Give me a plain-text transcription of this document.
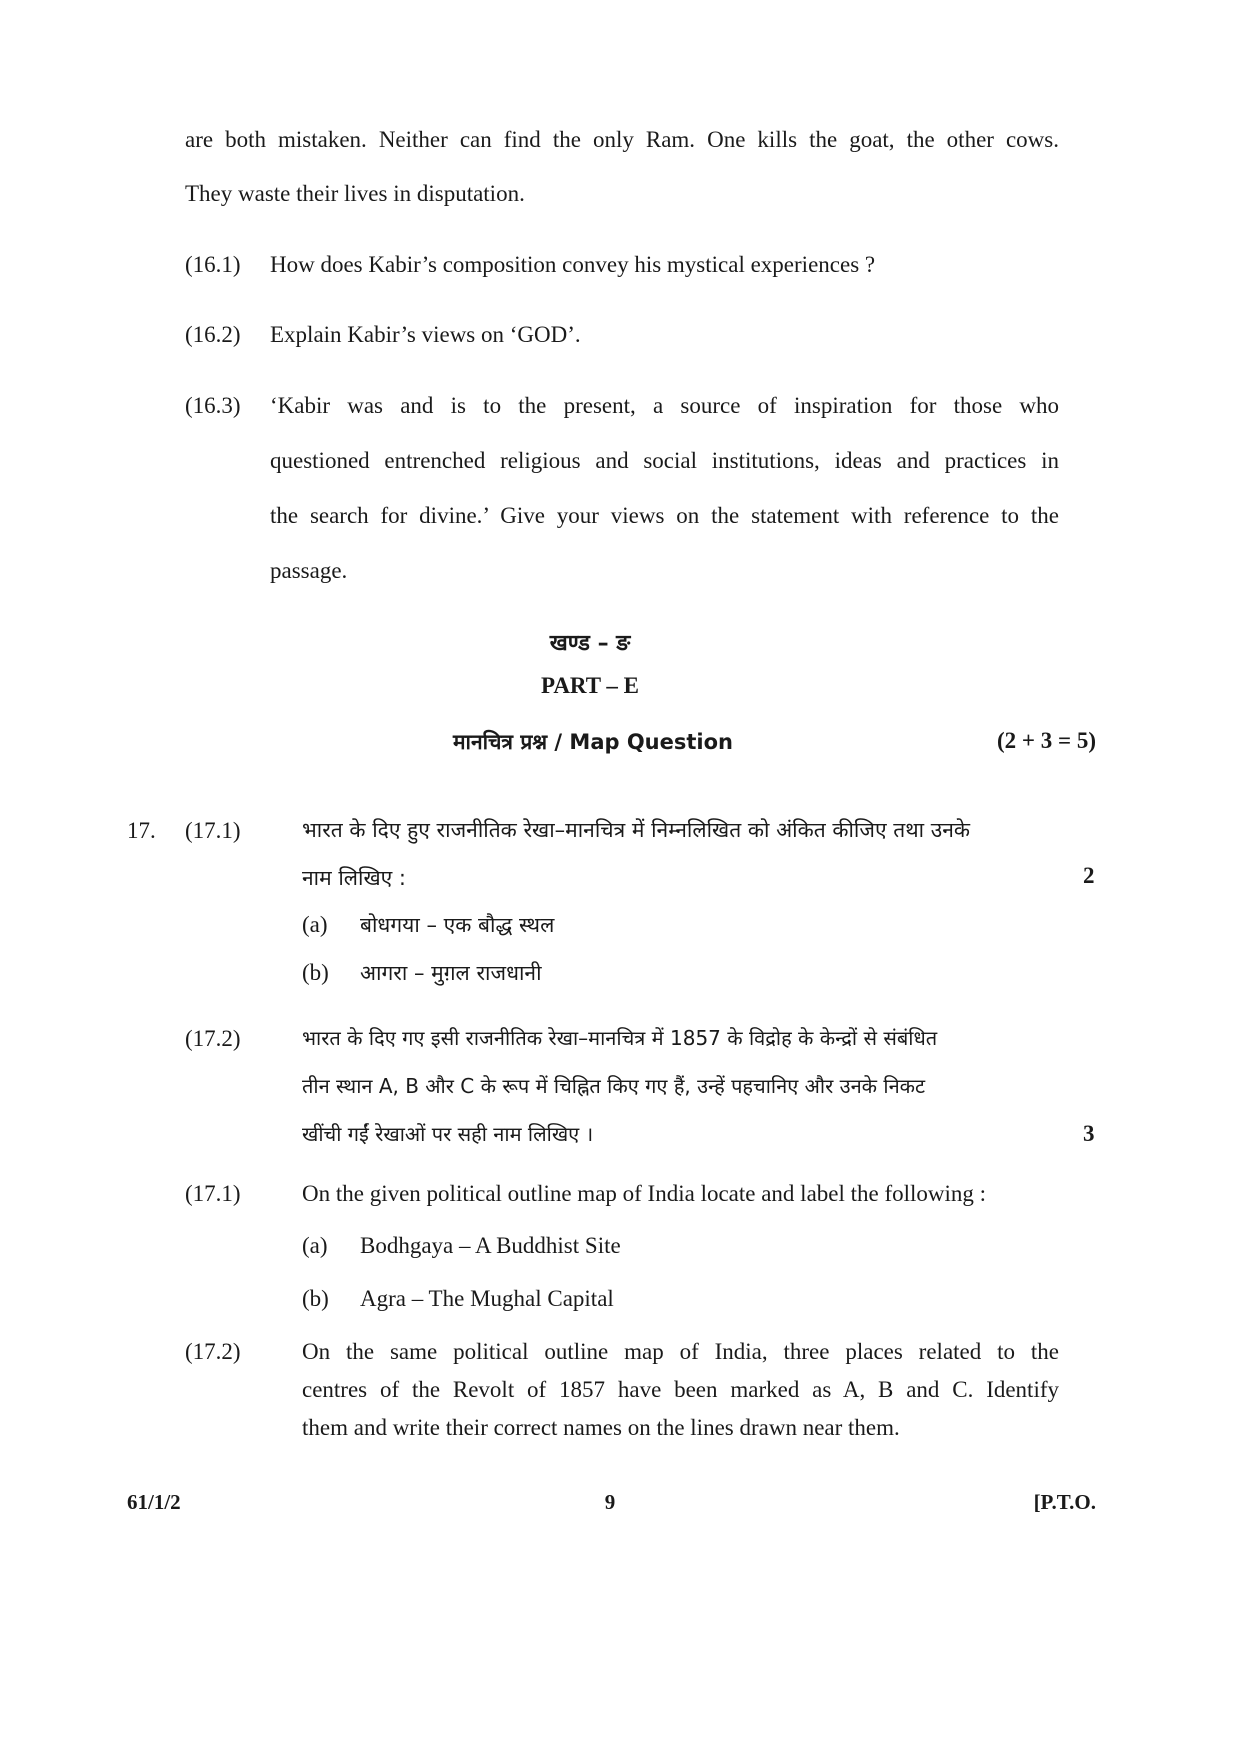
are both mistaken. Neither can find the only Ram. One kills the goat, the other cows.
They waste their lives in disputation.
(16.1) How does Kabir’s composition convey his mystical experiences ?
(16.2) Explain Kabir’s views on ‘GOD’.
(16.3) ‘Kabir was and is to the present, a source of inspiration for those who
questioned entrenched religious and social institutions, ideas and practices in
the search for divine.’ Give your views on the statement with reference to the
passage.
खण्ड – ङ
PART – E
मानचित्र प्रश्न / Map Question	(2 + 3 = 5)
17. (17.1)	भारत के दिए हुए राजनीतिक रेखा–मानचित्र में निम्नलिखित को अंकित कीजिए तथा उनके
नाम लिखिए :	2
(a) बोधगया – एक बौद्ध स्थल
(b) आगरा – मुग़ल राजधानी
(17.2)	भारत के दिए गए इसी राजनीतिक रेखा–मानचित्र में 1857 के विद्रोह के केन्द्रों से संबंधित
तीन स्थान A, B और C के रूप में चिह्नित किए गए हैं, उन्हें पहचानिए और उनके निकट
खींची गईं रेखाओं पर सही नाम लिखिए ।	3
(17.1)	On the given political outline map of India locate and label the following :
(a) Bodhgaya – A Buddhist Site
(b) Agra – The Mughal Capital
(17.2)	On the same political outline map of India, three places related to the
centres of the Revolt of 1857 have been marked as A, B and C. Identify
them and write their correct names on the lines drawn near them.
61/1/2	9	[P.T.O.
